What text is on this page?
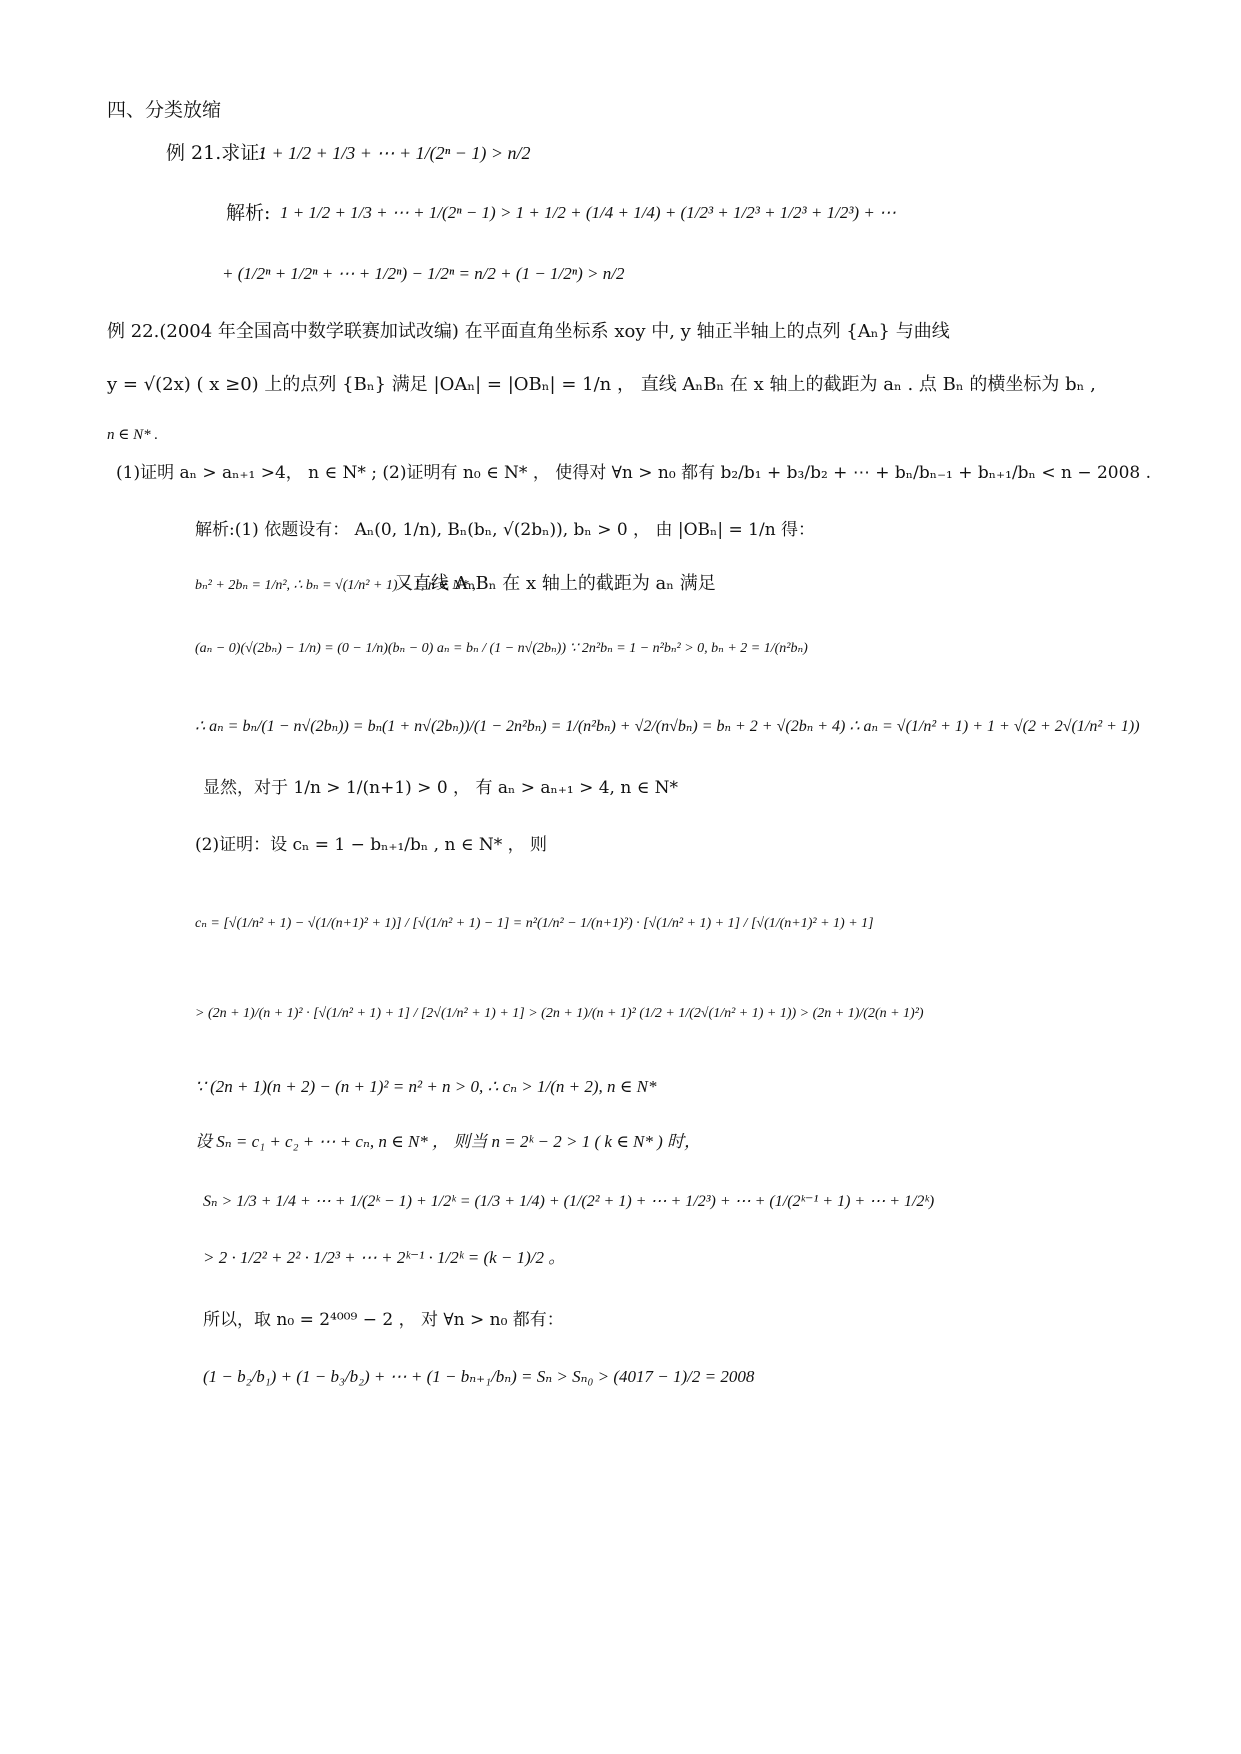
四、分类放缩
例 21.求证:
1 + 1/2 + 1/3 + ⋯ + 1/(2ⁿ − 1) > n/2
解析: 1 + 1/2 + 1/3 + ⋯ + 1/(2ⁿ − 1) > 1 + 1/2 + (1/4 + 1/4) + (1/2³ + 1/2³ + 1/2³ + 1/2³) + ⋯
+ (1/2ⁿ + 1/2ⁿ + ⋯ + 1/2ⁿ) − 1/2ⁿ = n/2 + (1 − 1/2ⁿ) > n/2
例 22.(2004 年全国高中数学联赛加试改编) 在平面直角坐标系 xoy 中, y 轴正半轴上的点列 {Aₙ} 与曲线
y = √(2x) ( x ≥0) 上的点列 {Bₙ} 满足 |OAₙ| = |OBₙ| = 1/n ， 直线 AₙBₙ 在 x 轴上的截距为 aₙ . 点 Bₙ 的横坐标为 bₙ ,
n ∈ N* .
(1)证明 aₙ > aₙ₊₁ >4， n ∈ N* ; (2)证明有 n₀ ∈ N* ， 使得对 ∀n > n₀ 都有 b₂/b₁ + b₃/b₂ + ⋯ + bₙ/bₙ₋₁ + bₙ₊₁/bₙ < n − 2008 .
解析:(1) 依题设有： Aₙ(0, 1/n), Bₙ(bₙ, √(2bₙ)), bₙ > 0 ， 由 |OBₙ| = 1/n 得：
bₙ² + 2bₙ = 1/n², ∴ bₙ = √(1/n² + 1) − 1, n ∈ N* ,
又直线 AₙBₙ 在 x 轴上的截距为 aₙ 满足
(aₙ − 0)(√(2bₙ) − 1/n) = (0 − 1/n)(bₙ − 0) aₙ = bₙ / (1 − n√(2bₙ)) ∵ 2n²bₙ = 1 − n²bₙ² > 0, bₙ + 2 = 1/(n²bₙ)
∴ aₙ = bₙ/(1 − n√(2bₙ)) = bₙ(1 + n√(2bₙ))/(1 − 2n²bₙ) = 1/(n²bₙ) + √2/(n√bₙ) = bₙ + 2 + √(2bₙ + 4) ∴ aₙ = √(1/n² + 1) + 1 + √(2 + 2√(1/n² + 1))
显然，对于 1/n > 1/(n+1) > 0 ， 有 aₙ > aₙ₊₁ > 4, n ∈ N*
(2)证明：设 cₙ = 1 − bₙ₊₁/bₙ , n ∈ N* ， 则
cₙ = [√(1/n² + 1) − √(1/(n+1)² + 1)] / [√(1/n² + 1) − 1] = n²(1/n² − 1/(n+1)²) · [√(1/n² + 1) + 1] / [√(1/(n+1)² + 1) + 1]
> (2n + 1)/(n + 1)² · [√(1/n² + 1) + 1] / [2√(1/n² + 1) + 1] > (2n + 1)/(n + 1)² (1/2 + 1/(2√(1/n² + 1) + 1)) > (2n + 1)/(2(n + 1)²)
∵ (2n + 1)(n + 2) − (n + 1)² = n² + n > 0, ∴ cₙ > 1/(n + 2), n ∈ N*
设 Sₙ = c₁ + c₂ + ⋯ + cₙ, n ∈ N* ， 则当 n = 2ᵏ − 2 > 1 ( k ∈ N* ) 时，
Sₙ > 1/3 + 1/4 + ⋯ + 1/(2ᵏ − 1) + 1/2ᵏ = (1/3 + 1/4) + (1/(2² + 1) + ⋯ + 1/2³) + ⋯ + (1/(2ᵏ⁻¹ + 1) + ⋯ + 1/2ᵏ)
> 2 · 1/2² + 2² · 1/2³ + ⋯ + 2ᵏ⁻¹ · 1/2ᵏ = (k − 1)/2 。
所以，取 n₀ = 2⁴⁰⁰⁹ − 2 ， 对 ∀n > n₀ 都有：
(1 − b₂/b₁) + (1 − b₃/b₂) + ⋯ + (1 − bₙ₊₁/bₙ) = Sₙ > Sₙ₀ > (4017 − 1)/2 = 2008
